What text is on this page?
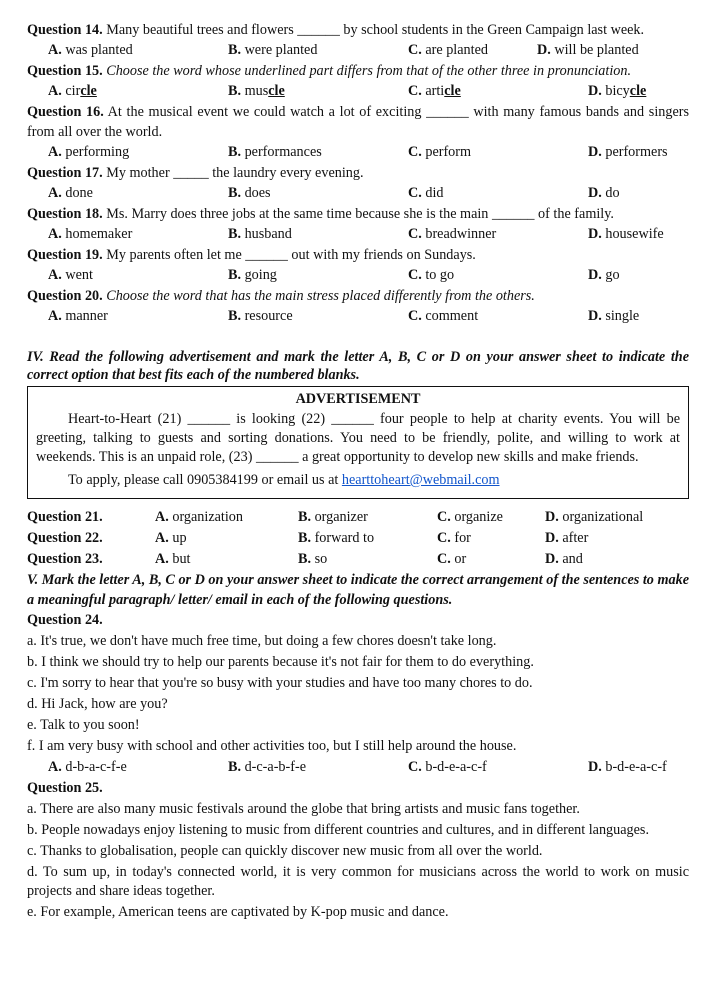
Question 14. Many beautiful trees and flowers ______ by school students in the Green Campaign last week.

A. was planted	B. were planted	C. are planted	D. will be planted

Question 15. Choose the word whose underlined part differs from that of the other three in pronunciation.

A. circle	B. muscle	C. article	D. bicycle

Question 16. At the musical event we could watch a lot of exciting ______ with many famous bands and singers from all over the world.

A. performing	B. performances	C. perform	D. performers

Question 17. My mother _____ the laundry every evening.

A. done	B. does	C. did	D. do

Question 18. Ms. Marry does three jobs at the same time because she is the main ______ of the family.

A. homemaker	B. husband	C. breadwinner	D. housewife

Question 19. My parents often let me ______ out with my friends on Sundays.

A. went	B. going	C. to go	D. go

Question 20. Choose the word that has the main stress placed differently from the others.

A. manner	B. resource	C. comment	D. single

IV. Read the following advertisement and mark the letter A, B, C or D on your answer sheet to indicate the correct option that best fits each of the numbered blanks.

ADVERTISEMENT

Heart-to-Heart (21) ______ is looking (22) ______ four people to help at charity events. You will be greeting, talking to guests and sorting donations. You need to be friendly, polite, and willing to work at weekends. This is an unpaid role, (23) ______ a great opportunity to develop new skills and make friends.

To apply, please call 0905384199 or email us at hearttoheart@webmail.com
Question 21.	A. organization	B. organizer	C. organize	D. organizational
Question 22.	A. up	B. forward to	C. for	D. after
Question 23.	A. but	B. so	C. or	D. and

V. Mark the letter A, B, C or D on your answer sheet to indicate the correct arrangement of the sentences to make a meaningful paragraph/ letter/ email in each of the following questions.

Question 24.

a. It's true, we don't have much free time, but doing a few chores doesn't take long.

b. I think we should try to help our parents because it's not fair for them to do everything.

c. I'm sorry to hear that you're so busy with your studies and have too many chores to do.

d. Hi Jack, how are you?

e. Talk to you soon!

f. I am very busy with school and other activities too, but I still help around the house.

A. d-b-a-c-f-e	B. d-c-a-b-f-e	C. b-d-e-a-c-f	D. b-d-e-a-c-f

Question 25.

a. There are also many music festivals around the globe that bring artists and music fans together.

b. People nowadays enjoy listening to music from different countries and cultures, and in different languages.

c. Thanks to globalisation, people can quickly discover new music from all over the world.

d. To sum up, in today's connected world, it is very common for musicians across the world to work on music projects and share ideas together.

e. For example, American teens are captivated by K-pop music and dance.
